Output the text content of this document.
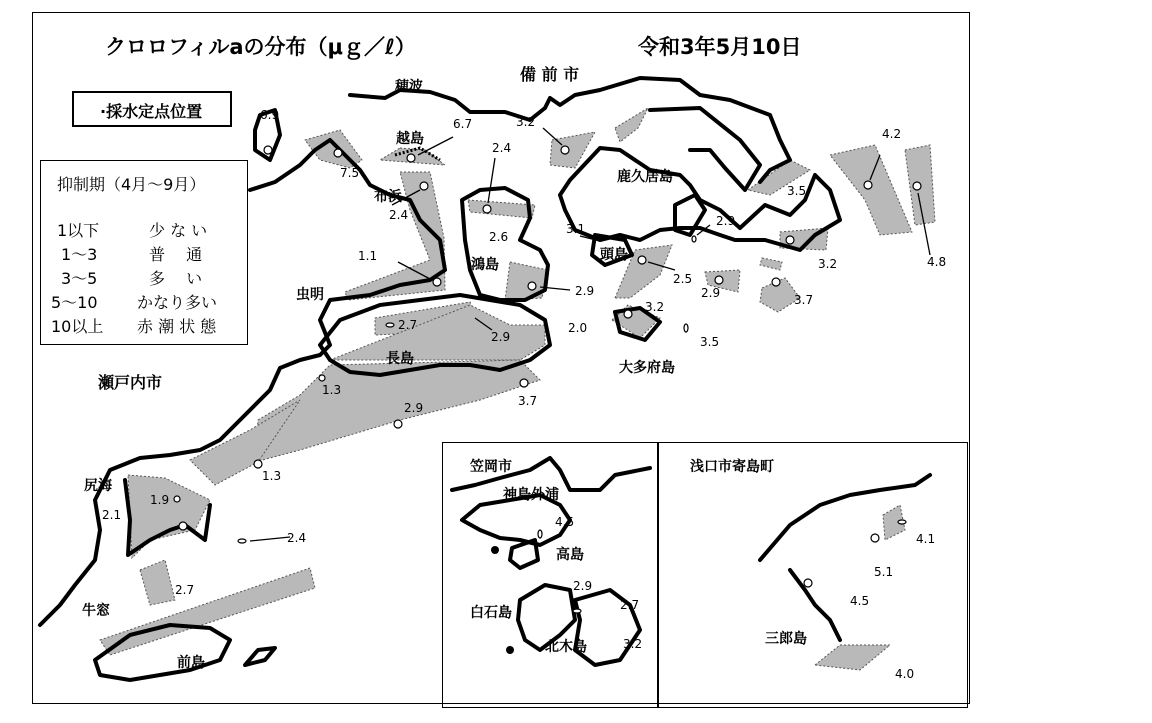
クロロフィルaの分布（μｇ／ℓ）	令和3年5月10日
·採水定点位置
抑制期（4月～9月）
1以下	少 な い
1～3	普　 通
3～5	多　 い
5～10 かなり多い
10以上 赤 潮 状 態
備 前 市
穂波
越島
布浜
虫明
瀬戸内市
長島
鴻島
鹿久居島
頭島
大多府島
尻海
牛窓
前島
6.9
7.5
6.7	3.2
2.4
2.4
2.6
1.1
3.1
2.9
2.5
2.9	2.9
2.7
2.9
2.0
3.2
3.5
3.5
4.2
3.2	4.8
3.7
1.3
2.9	3.7
1.3
1.9
2.1
2.4
2.7
笠岡市
神島外浦
高島
白石島
北木島
4.5
2.9
2.7
3.2
浅口市寄島町
三郎島
4.1
5.1
4.5
4.0
